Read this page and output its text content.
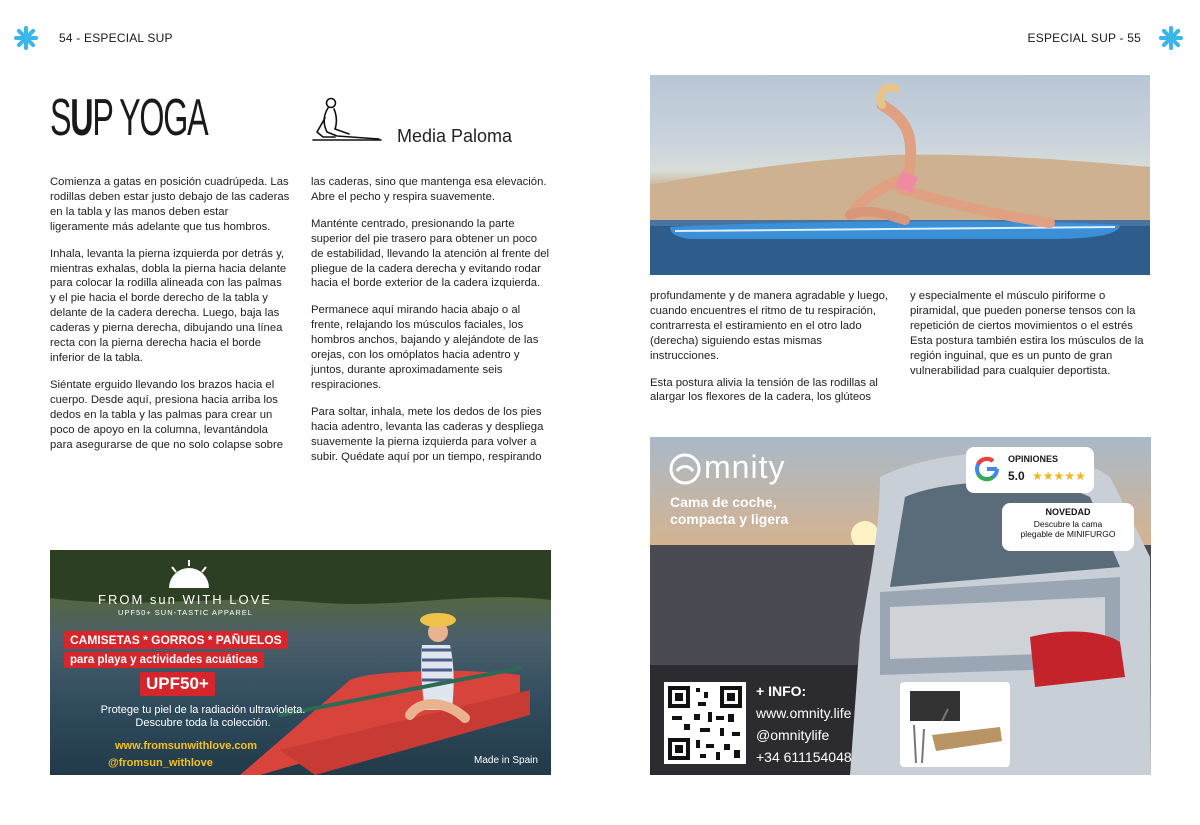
54 - ESPECIAL SUP	ESPECIAL SUP - 55
SUP YOGA	Media Paloma

Comienza a gatas en posición cuadrúpeda. Las rodillas deben estar justo debajo de las caderas en la tabla y las manos deben estar ligeramente más adelante que tus hombros.

Inhala, levanta la pierna izquierda por detrás y, mientras exhalas, dobla la pierna hacia delante para colocar la rodilla alineada con las palmas y el pie hacia el borde derecho de la tabla y delante de la cadera derecha. Luego, baja las caderas y pierna derecha, dibujando una línea recta con la pierna derecha hacia el borde inferior de la tabla.

Siéntate erguido llevando los brazos hacia el cuerpo. Desde aquí, presiona hacia arriba los dedos en la tabla y las palmas para crear un poco de apoyo en la columna, levantándola para asegurarse de que no solo colapse sobre

las caderas, sino que mantenga esa elevación. Abre el pecho y respira suavemente.

Manténte centrado, presionando la parte superior del pie trasero para obtener un poco de estabilidad, llevando la atención al frente del pliegue de la cadera derecha y evitando rodar hacia el borde exterior de la cadera izquierda.

Permanece aquí mirando hacia abajo o al frente, relajando los músculos faciales, los hombros anchos, bajando y alejándote de las orejas, con los omóplatos hacia adentro y juntos, durante aproximadamente seis respiraciones.

Para soltar, inhala, mete los dedos de los pies hacia adentro, levanta las caderas y despliega suavemente la pierna izquierda para volver a subir. Quédate aquí por un tiempo, respirando

profundamente y de manera agradable y luego, cuando encuentres el ritmo de tu respiración, contrarresta el estiramiento en el otro lado (derecha) siguiendo estas mismas instrucciones.

Esta postura alivia la tensión de las rodillas al alargar los flexores de la cadera, los glúteos

y especialmente el músculo piriforme o piramidal, que pueden ponerse tensos con la repetición de ciertos movimientos o el estrés Esta postura también estira los músculos de la región inguinal, que es un punto de gran vulnerabilidad para cualquier deportista.

FROM sun WITH LOVE
UPF50+ SUN-TASTIC APPAREL
CAMISETAS * GORROS * PAÑUELOS
para playa y actividades acuáticas
UPF50+
Protege tu piel de la radiación ultravioleta.
Descubre toda la colección.
www.fromsunwithlove.com
@fromsun_withlove	Made in Spain
mnity
Cama de coche,
compacta y ligera
OPINIONES
5.0 ★★★★★
NOVEDAD
Descubre la cama
plegable de MINIFURGO
+ INFO:
www.omnity.life
@omnitylife
+34 611154048
